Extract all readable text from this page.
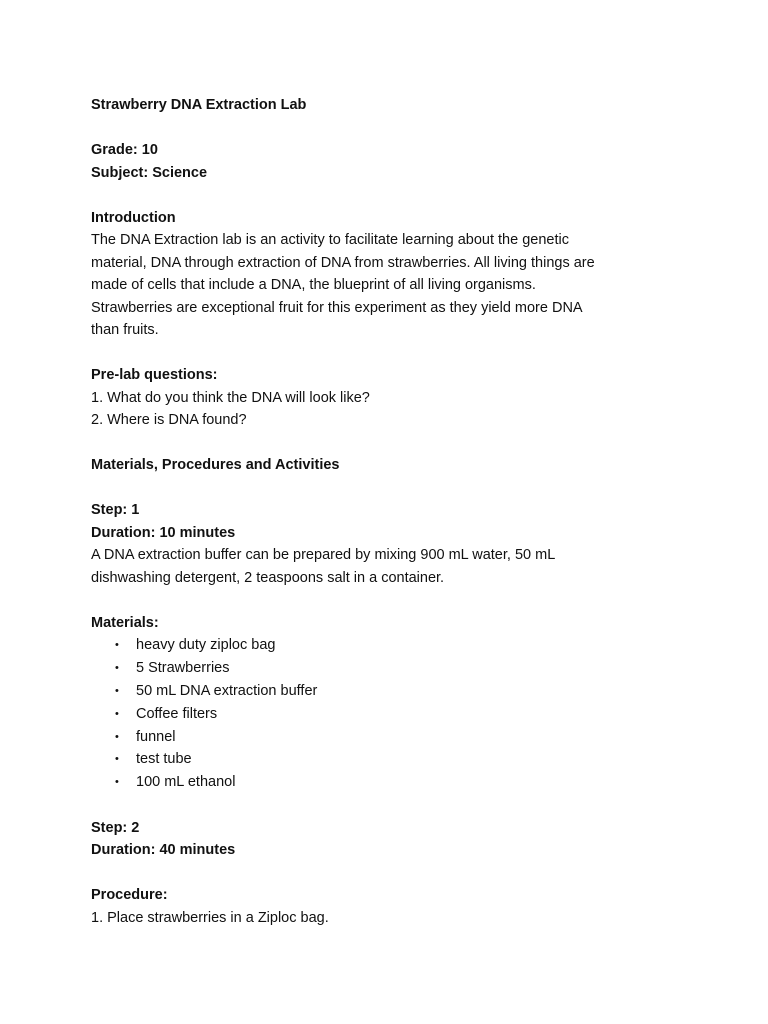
Strawberry DNA Extraction Lab
Grade: 10
Subject: Science
Introduction
The DNA Extraction lab is an activity to facilitate learning about the genetic
material, DNA through extraction of DNA from strawberries. All living things are
made of cells that include a DNA, the blueprint of all living organisms.
Strawberries are exceptional fruit for this experiment as they yield more DNA
than fruits.
Pre-lab questions:
1. What do you think the DNA will look like?
2. Where is DNA found?
Materials, Procedures and Activities
Step: 1
Duration: 10 minutes
A DNA extraction buffer can be prepared by mixing 900 mL water, 50 mL
dishwashing detergent, 2 teaspoons salt in a container.
Materials:
• heavy duty ziploc bag
• 5 Strawberries
• 50 mL DNA extraction buffer
• Coffee filters
• funnel
• test tube
• 100 mL ethanol
Step: 2
Duration: 40 minutes
Procedure:
1. Place strawberries in a Ziploc bag.
